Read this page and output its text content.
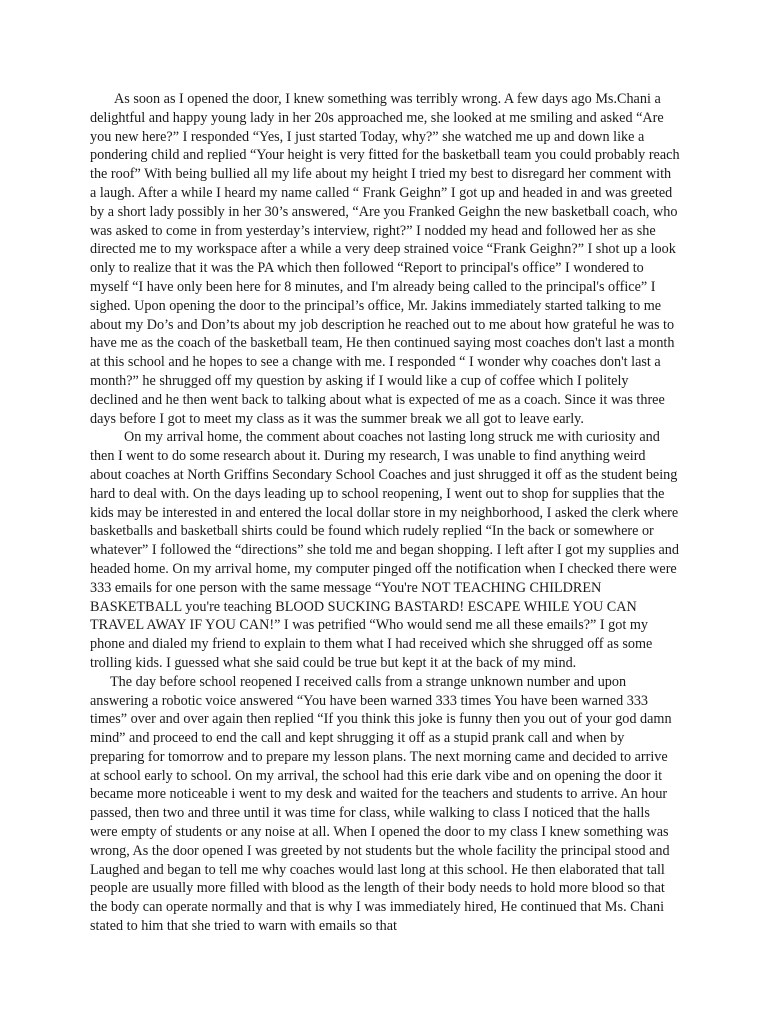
As soon as I opened the door, I knew something was terribly wrong. A few days ago Ms.Chani a delightful and happy young lady in her 20s approached me, she looked at me smiling and asked “Are you new here?” I responded “Yes, I just started Today, why?” she watched me up and down like a pondering child and replied “Your height is very fitted for the basketball team you could probably reach the roof” With being bullied all my life about my height I tried my best to disregard her comment with a laugh. After a while I heard my name called “ Frank Geighn” I got up and headed in and was greeted by a short lady possibly in her 30’s answered, “Are you Franked Geighn the new basketball coach, who was asked to come in from yesterday’s interview, right?” I nodded my head and followed her as she directed me to my workspace after a while a very deep strained voice “Frank Geighn?” I shot up a look only to realize that it was the PA which then followed “Report to principal's office” I wondered to myself “I have only been here for 8 minutes, and I'm already being called to the principal's office” I sighed. Upon opening the door to the principal’s office, Mr. Jakins immediately started talking to me about my Do’s and Don’ts about my job description he reached out to me about how grateful he was to have me as the coach of the basketball team, He then continued saying most coaches don't last a month at this school and he hopes to see a change with me. I responded “ I wonder why coaches don't last a month?” he shrugged off my question by asking if I would like a cup of coffee which I politely declined and he then went back to talking about what is expected of me as a coach. Since it was three days before I got to meet my class as it was the summer break we all got to leave early.

On my arrival home, the comment about coaches not lasting long struck me with curiosity and then I went to do some research about it. During my research, I was unable to find anything weird about coaches at North Griffins Secondary School Coaches and just shrugged it off as the student being hard to deal with. On the days leading up to school reopening, I went out to shop for supplies that the kids may be interested in and entered the local dollar store in my neighborhood, I asked the clerk where basketballs and basketball shirts could be found which rudely replied “In the back or somewhere or whatever” I followed the “directions” she told me and began shopping. I left after I got my supplies and headed home. On my arrival home, my computer pinged off the notification when I checked there were 333 emails for one person with the same message “You're NOT TEACHING CHILDREN BASKETBALL you're teaching BLOOD SUCKING BASTARD! ESCAPE WHILE YOU CAN TRAVEL AWAY IF YOU CAN!” I was petrified “Who would send me all these emails?” I got my phone and dialed my friend to explain to them what I had received which she shrugged off as some trolling kids. I guessed what she said could be true but kept it at the back of my mind.

The day before school reopened I received calls from a strange unknown number and upon answering a robotic voice answered “You have been warned 333 times You have been warned 333 times” over and over again then replied “If you think this joke is funny then you out of your god damn mind” and proceed to end the call and kept shrugging it off as a stupid prank call and when by preparing for tomorrow and to prepare my lesson plans. The next morning came and decided to arrive at school early to school. On my arrival, the school had this erie dark vibe and on opening the door it became more noticeable i went to my desk and waited for the teachers and students to arrive. An hour passed, then two and three until it was time for class, while walking to class I noticed that the halls were empty of students or any noise at all. When I opened the door to my class I knew something was wrong, As the door opened I was greeted by not students but the whole facility the principal stood and Laughed and began to tell me why coaches would last long at this school. He then elaborated that tall people are usually more filled with blood as the length of their body needs to hold more blood so that the body can operate normally and that is why I was immediately hired, He continued that Ms. Chani stated to him that she tried to warn with emails so that
